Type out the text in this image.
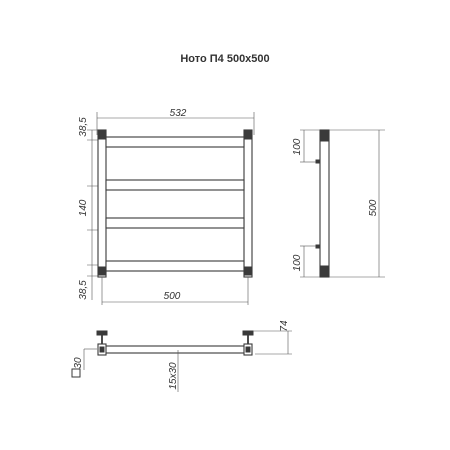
Hото П4 500x500
532
38,5
140
38,5	500
500
100
100
74
15x30
30
